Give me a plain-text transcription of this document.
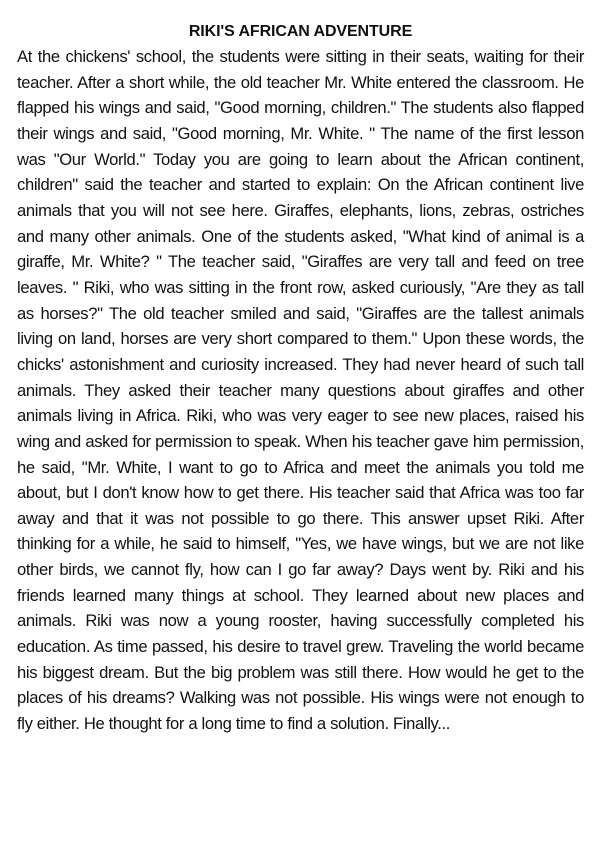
RIKI'S AFRICAN ADVENTURE

At the chickens' school, the students were sitting in their seats, waiting for their teacher. After a short while, the old teacher Mr. White entered the classroom. He flapped his wings and said, "Good morning, children." The students also flapped their wings and said, "Good morning, Mr. White. " The name of the first lesson was "Our World." Today you are going to learn about the African continent, children" said the teacher and started to explain: On the African continent live animals that you will not see here. Giraffes, elephants, lions, zebras, ostriches and many other animals. One of the students asked, "What kind of animal is a giraffe, Mr. White? " The teacher said, "Giraffes are very tall and feed on tree leaves. " Riki, who was sitting in the front row, asked curiously, "Are they as tall as horses?" The old teacher smiled and said, "Giraffes are the tallest animals living on land, horses are very short compared to them." Upon these words, the chicks' astonishment and curiosity increased. They had never heard of such tall animals. They asked their teacher many questions about giraffes and other animals living in Africa. Riki, who was very eager to see new places, raised his wing and asked for permission to speak. When his teacher gave him permission, he said, "Mr. White, I want to go to Africa and meet the animals you told me about, but I don't know how to get there. His teacher said that Africa was too far away and that it was not possible to go there. This answer upset Riki. After thinking for a while, he said to himself, "Yes, we have wings, but we are not like other birds, we cannot fly, how can I go far away? Days went by. Riki and his friends learned many things at school. They learned about new places and animals. Riki was now a young rooster, having successfully completed his education. As time passed, his desire to travel grew. Traveling the world became his biggest dream. But the big problem was still there. How would he get to the places of his dreams? Walking was not possible. His wings were not enough to fly either. He thought for a long time to find a solution. Finally...
